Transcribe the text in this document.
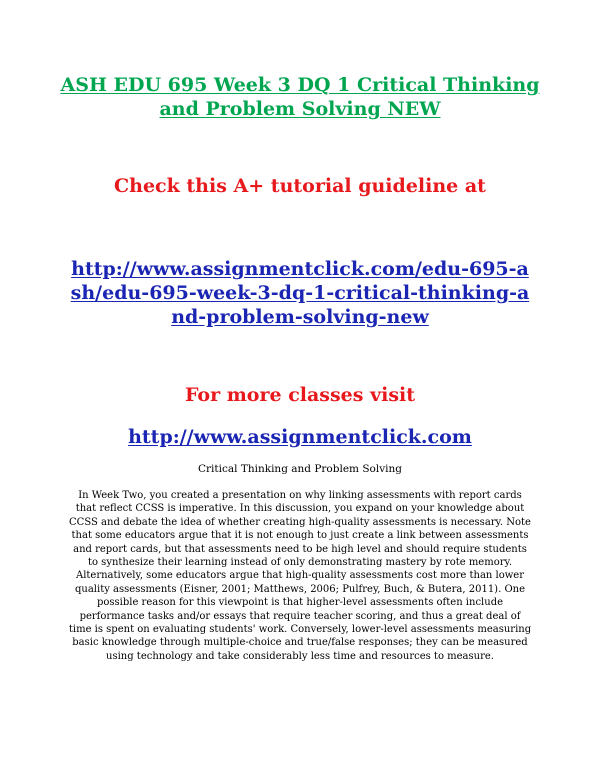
ASH EDU 695 Week 3 DQ 1 Critical Thinking and Problem Solving NEW
Check this A+ tutorial guideline at
http://www.assignmentclick.com/edu-695-ash/edu-695-week-3-dq-1-critical-thinking-and-problem-solving-new
For more classes visit
http://www.assignmentclick.com
Critical Thinking and Problem Solving
In Week Two, you created a presentation on why linking assessments with report cards that reflect CCSS is imperative. In this discussion, you expand on your knowledge about CCSS and debate the idea of whether creating high-quality assessments is necessary. Note that some educators argue that it is not enough to just create a link between assessments and report cards, but that assessments need to be high level and should require students to synthesize their learning instead of only demonstrating mastery by rote memory. Alternatively, some educators argue that high-quality assessments cost more than lower quality assessments (Eisner, 2001; Matthews, 2006; Pulfrey, Buch, & Butera, 2011). One possible reason for this viewpoint is that higher-level assessments often include performance tasks and/or essays that require teacher scoring, and thus a great deal of time is spent on evaluating students' work. Conversely, lower-level assessments measuring basic knowledge through multiple-choice and true/false responses; they can be measured using technology and take considerably less time and resources to measure.
